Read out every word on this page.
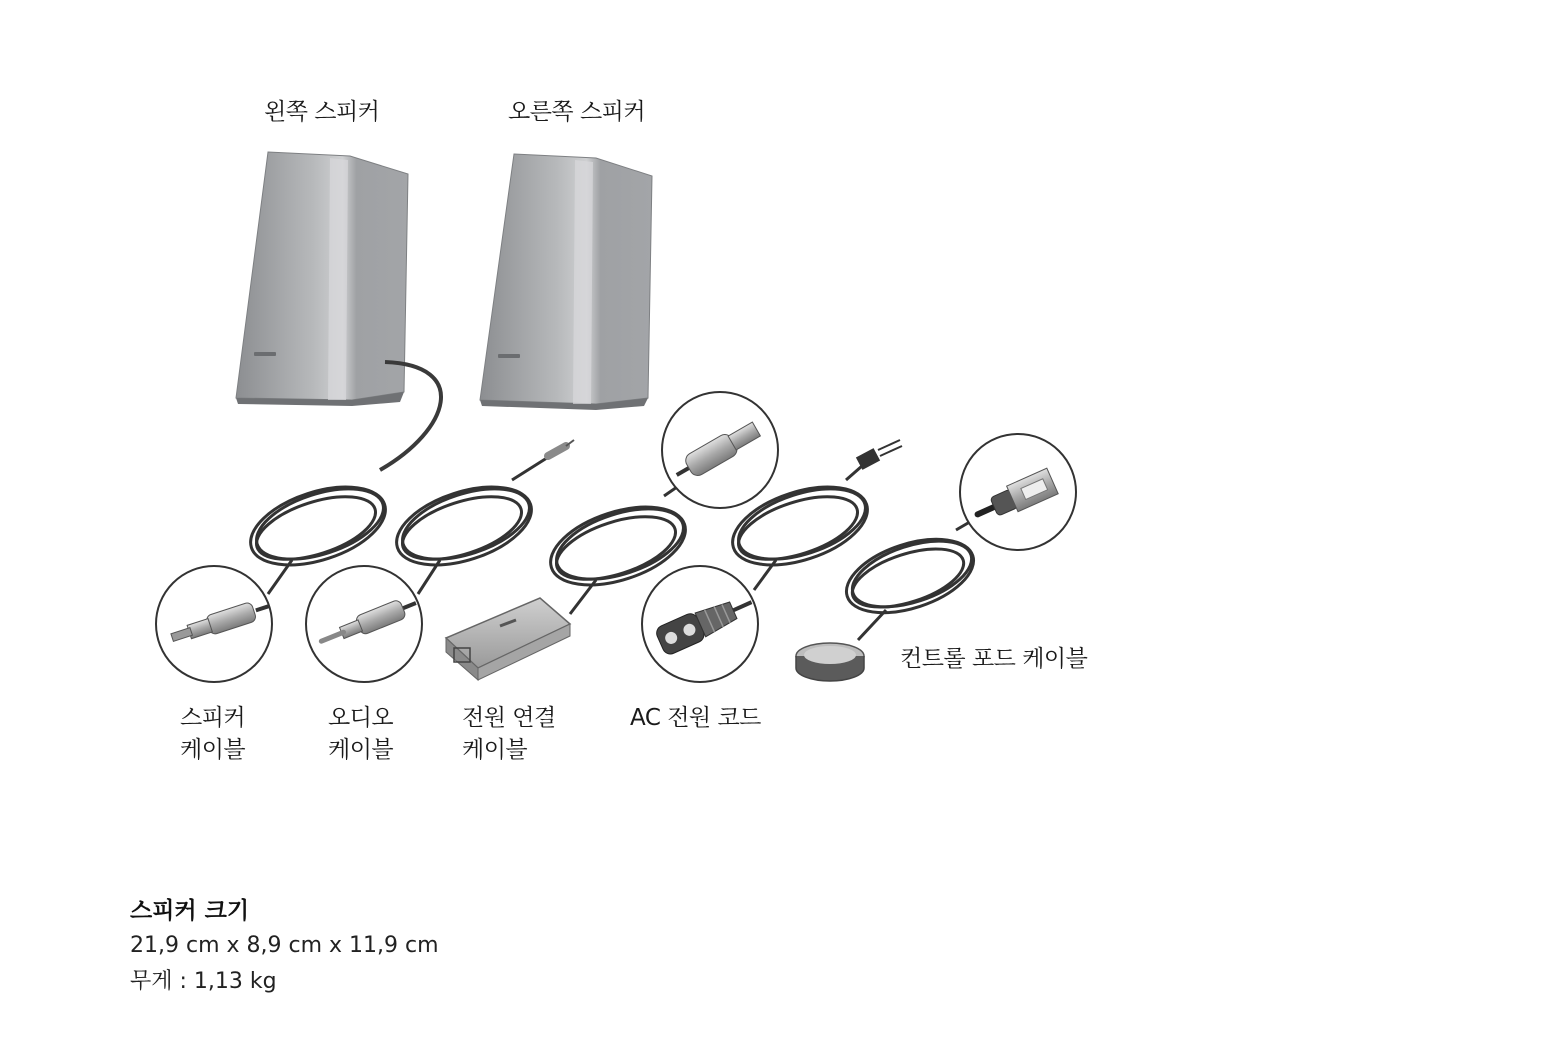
왼쪽 스피커	오른쪽 스피커
스피커
케이블
오디오
케이블
전원 연결
케이블
AC 전원 코드
컨트롤 포드 케이블
스피커 크기
21,9 cm x 8,9 cm x 11,9 cm
무게 : 1,13 kg
